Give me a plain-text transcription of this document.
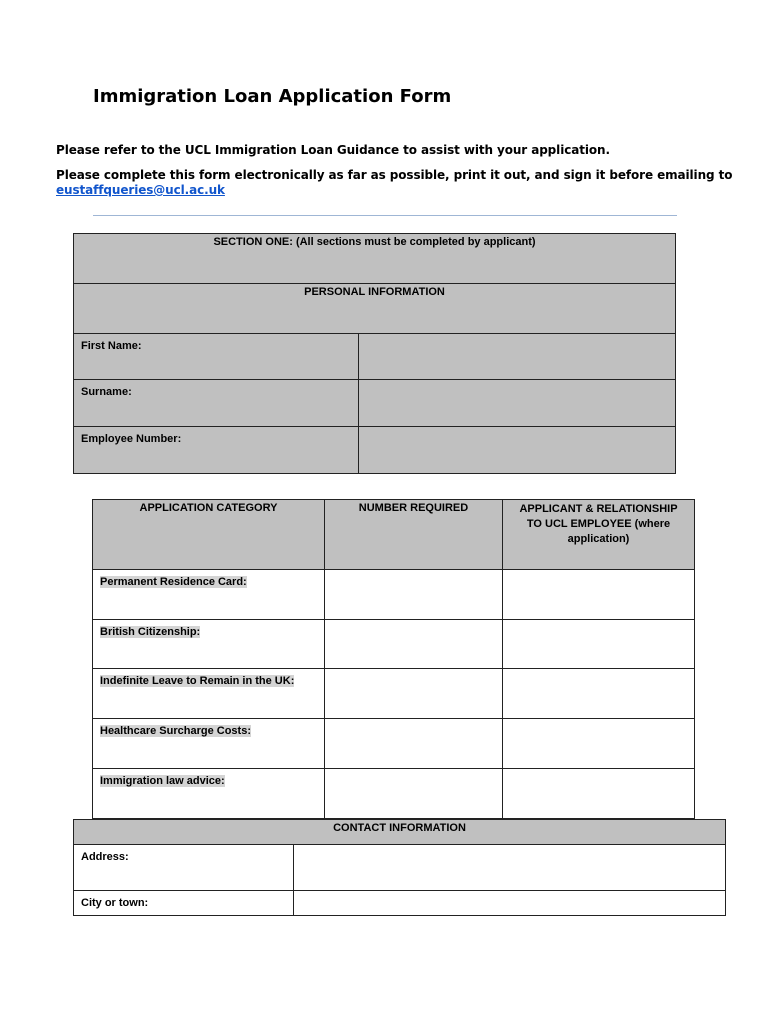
Immigration Loan Application Form
Please refer to the UCL Immigration Loan Guidance to assist with your application.
Please complete this form electronically as far as possible, print it out, and sign it before emailing to
eustaffqueries@ucl.ac.uk
SECTION ONE: (All sections must be completed by applicant)	
PERSONAL INFORMATION	

First Name:	

Surname:	

Employee Number:	

APPLICATION CATEGORY	NUMBER REQUIRED	APPLICANT & RELATIONSHIP TO UCL EMPLOYEE (where application)

Permanent Residence Card:		

British Citizenship:		

Indefinite Leave to Remain in the UK:		

Healthcare Surcharge Costs:		

Immigration law advice:		

CONTACT INFORMATION	

Address:	

City or town:	
